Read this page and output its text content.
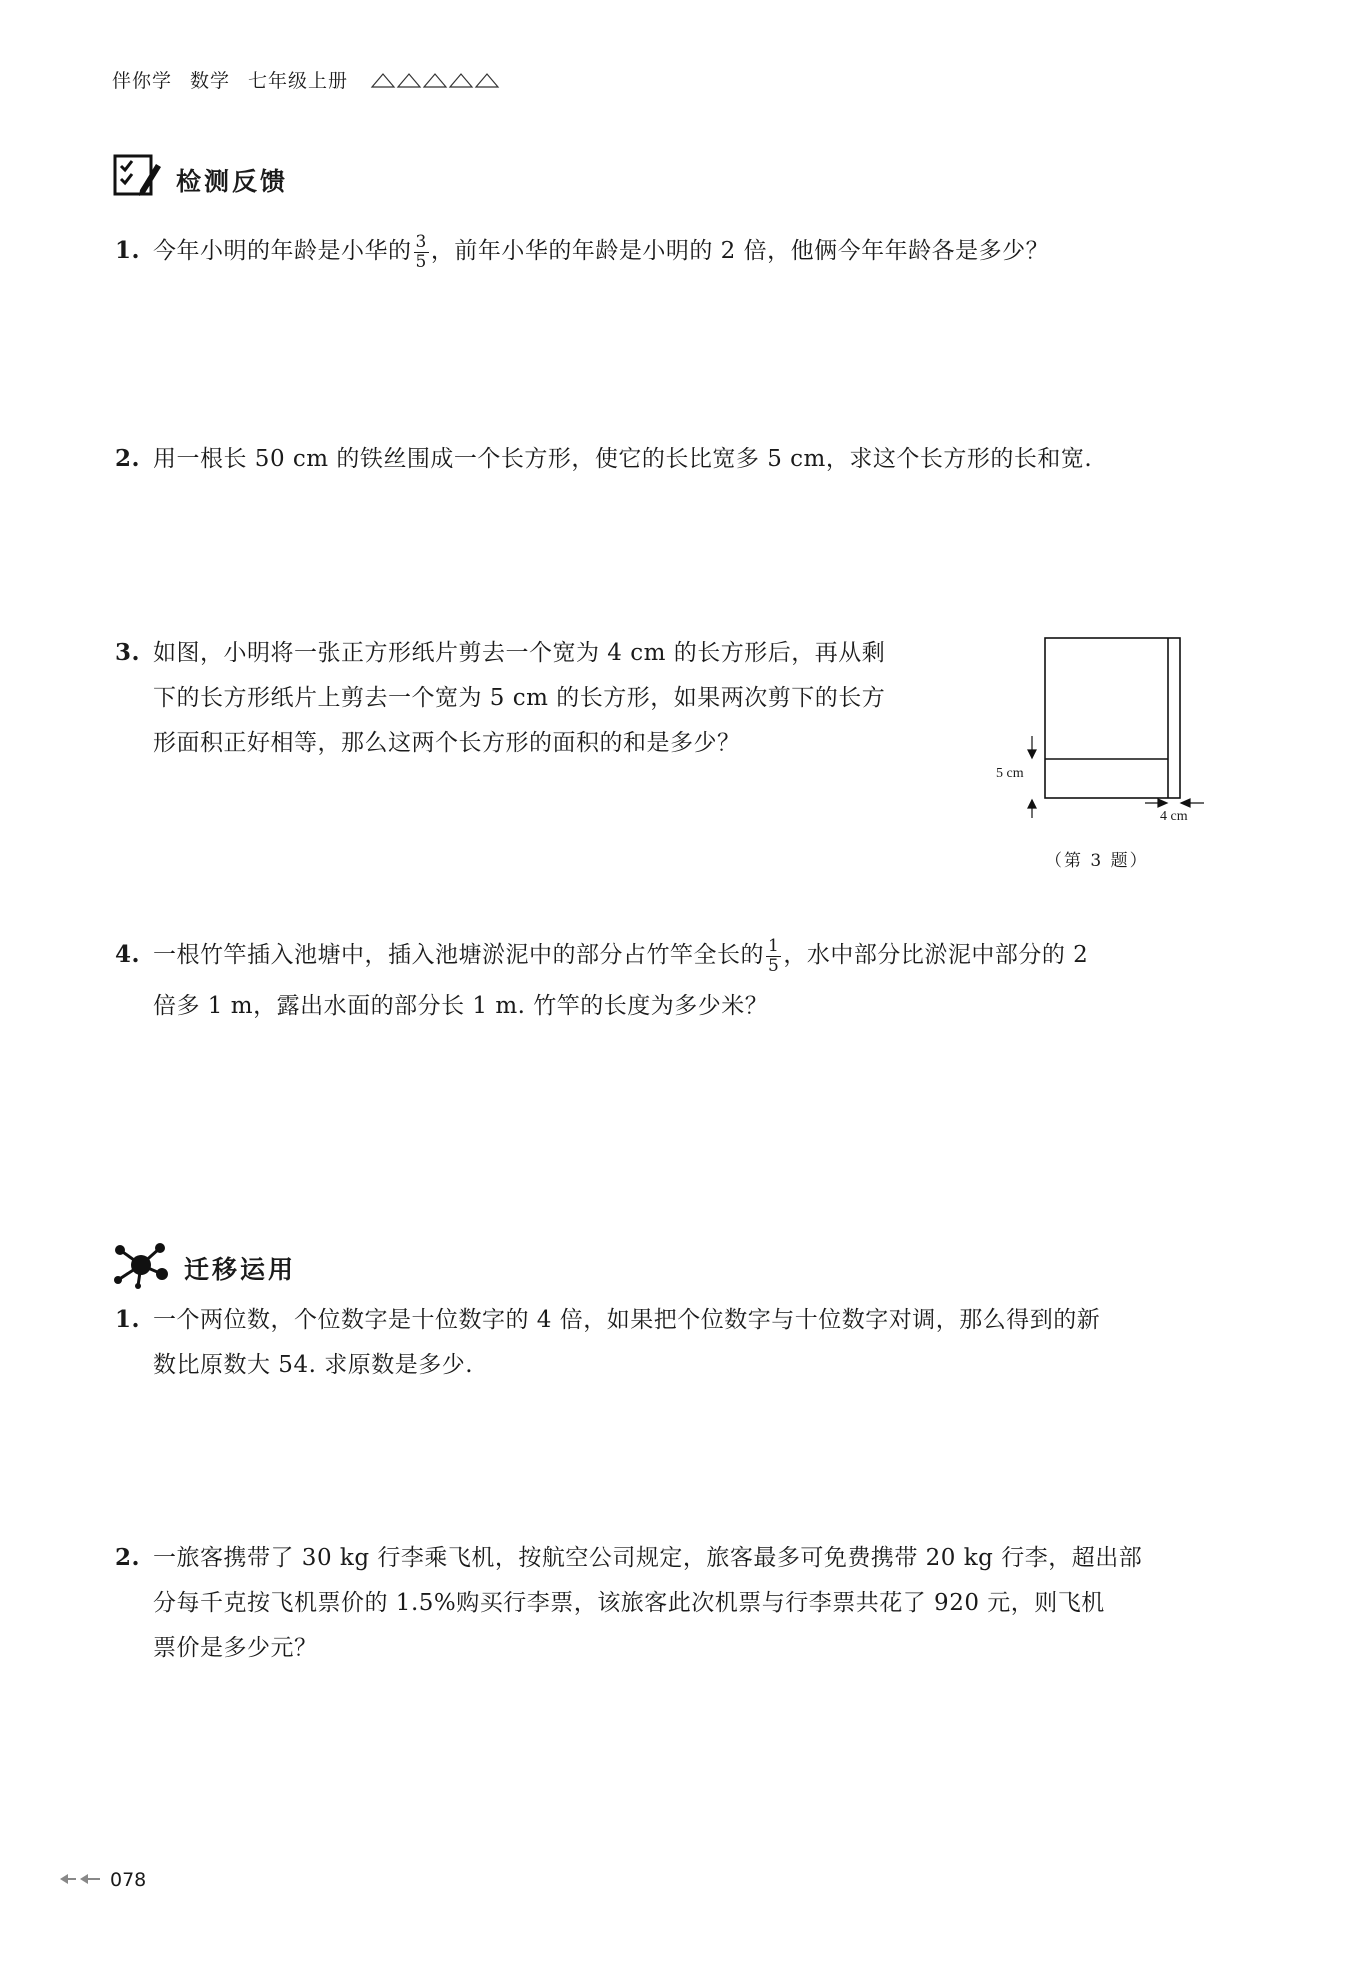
伴你学 数学 七年级上册
检测反馈
1. 今年小明的年龄是小华的 $\frac{3}{5}$ ，前年小华的年龄是小明的 2 倍，他俩今年年龄各是多少？
2. 用一根长 50 cm 的铁丝围成一个长方形，使它的长比宽多 5 cm，求这个长方形的长和宽.
3. 如图，小明将一张正方形纸片剪去一个宽为 4 cm 的长方形后，再从剩
下的长方形纸片上剪去一个宽为 5 cm 的长方形，如果两次剪下的长方
形面积正好相等，那么这两个长方形的面积的和是多少？
5 cm
4 cm
（第 3 题）
4. 一根竹竿插入池塘中，插入池塘淤泥中的部分占竹竿全长的 $\frac{1}{5}$ ，水中部分比淤泥中部分的 2
倍多 1 m，露出水面的部分长 1 m. 竹竿的长度为多少米？
迁移运用
1. 一个两位数，个位数字是十位数字的 4 倍，如果把个位数字与十位数字对调，那么得到的新
数比原数大 54. 求原数是多少.
2. 一旅客携带了 30 kg 行李乘飞机，按航空公司规定，旅客最多可免费携带 20 kg 行李，超出部
分每千克按飞机票价的 1.5%购买行李票，该旅客此次机票与行李票共花了 920 元，则飞机
票价是多少元？
078
